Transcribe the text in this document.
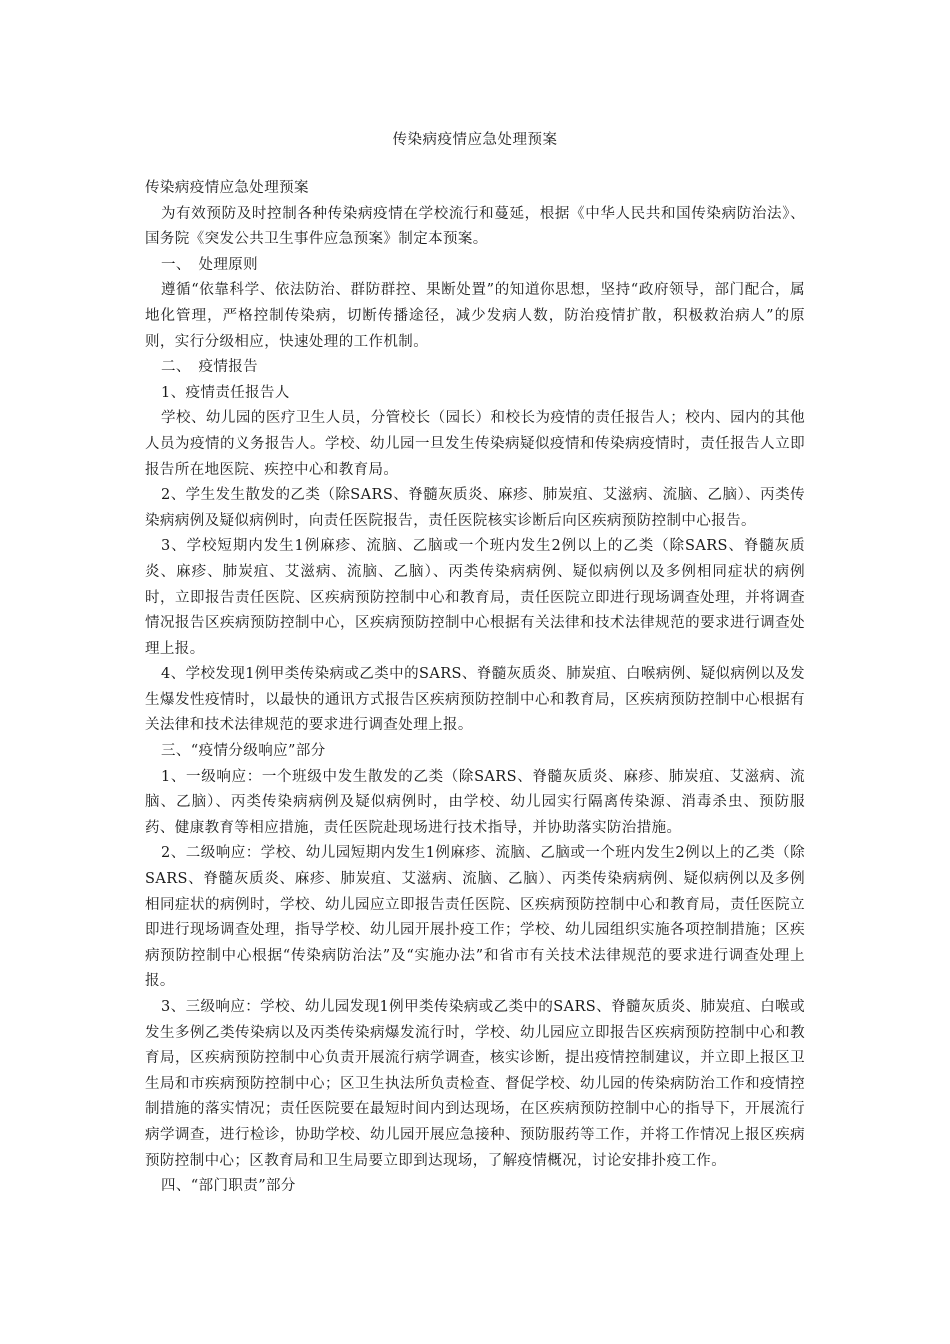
传染病疫情应急处理预案

传染病疫情应急处理预案

为有效预防及时控制各种传染病疫情在学校流行和蔓延，根据《中华人民共和国传染病防治法》、国务院《突发公共卫生事件应急预案》制定本预案。

一、　处理原则

遵循“依靠科学、依法防治、群防群控、果断处置”的知道你思想，坚持“政府领导，部门配合，属地化管理，严格控制传染病，切断传播途径，减少发病人数，防治疫情扩散，积极救治病人”的原则，实行分级相应，快速处理的工作机制。

二、　疫情报告

1、疫情责任报告人

学校、幼儿园的医疗卫生人员，分管校长（园长）和校长为疫情的责任报告人；校内、园内的其他人员为疫情的义务报告人。学校、幼儿园一旦发生传染病疑似疫情和传染病疫情时，责任报告人立即报告所在地医院、疾控中心和教育局。

2、学生发生散发的乙类（除SARS、脊髓灰质炎、麻疹、肺炭疽、艾滋病、流脑、乙脑）、丙类传染病病例及疑似病例时，向责任医院报告，责任医院核实诊断后向区疾病预防控制中心报告。

3、学校短期内发生1例麻疹、流脑、乙脑或一个班内发生2例以上的乙类（除SARS、脊髓灰质炎、麻疹、肺炭疽、艾滋病、流脑、乙脑）、丙类传染病病例、疑似病例以及多例相同症状的病例时，立即报告责任医院、区疾病预防控制中心和教育局，责任医院立即进行现场调查处理，并将调查情况报告区疾病预防控制中心，区疾病预防控制中心根据有关法律和技术法律规范的要求进行调查处理上报。

4、学校发现1例甲类传染病或乙类中的SARS、脊髓灰质炎、肺炭疽、白喉病例、疑似病例以及发生爆发性疫情时，以最快的通讯方式报告区疾病预防控制中心和教育局，区疾病预防控制中心根据有关法律和技术法律规范的要求进行调查处理上报。

三、“疫情分级响应”部分

1、一级响应：一个班级中发生散发的乙类（除SARS、脊髓灰质炎、麻疹、肺炭疽、艾滋病、流脑、乙脑）、丙类传染病病例及疑似病例时，由学校、幼儿园实行隔离传染源、消毒杀虫、预防服药、健康教育等相应措施，责任医院赴现场进行技术指导，并协助落实防治措施。

2、二级响应：学校、幼儿园短期内发生1例麻疹、流脑、乙脑或一个班内发生2例以上的乙类（除SARS、脊髓灰质炎、麻疹、肺炭疽、艾滋病、流脑、乙脑）、丙类传染病病例、疑似病例以及多例相同症状的病例时，学校、幼儿园应立即报告责任医院、区疾病预防控制中心和教育局，责任医院立即进行现场调查处理，指导学校、幼儿园开展扑疫工作；学校、幼儿园组织实施各项控制措施；区疾病预防控制中心根据“传染病防治法”及“实施办法”和省市有关技术法律规范的要求进行调查处理上报。

3、三级响应：学校、幼儿园发现1例甲类传染病或乙类中的SARS、脊髓灰质炎、肺炭疽、白喉或发生多例乙类传染病以及丙类传染病爆发流行时，学校、幼儿园应立即报告区疾病预防控制中心和教育局，区疾病预防控制中心负责开展流行病学调查，核实诊断，提出疫情控制建议，并立即上报区卫生局和市疾病预防控制中心；区卫生执法所负责检查、督促学校、幼儿园的传染病防治工作和疫情控制措施的落实情况；责任医院要在最短时间内到达现场，在区疾病预防控制中心的指导下，开展流行病学调查，进行检诊，协助学校、幼儿园开展应急接种、预防服药等工作，并将工作情况上报区疾病预防控制中心；区教育局和卫生局要立即到达现场，了解疫情概况，讨论安排扑疫工作。

四、“部门职责”部分
